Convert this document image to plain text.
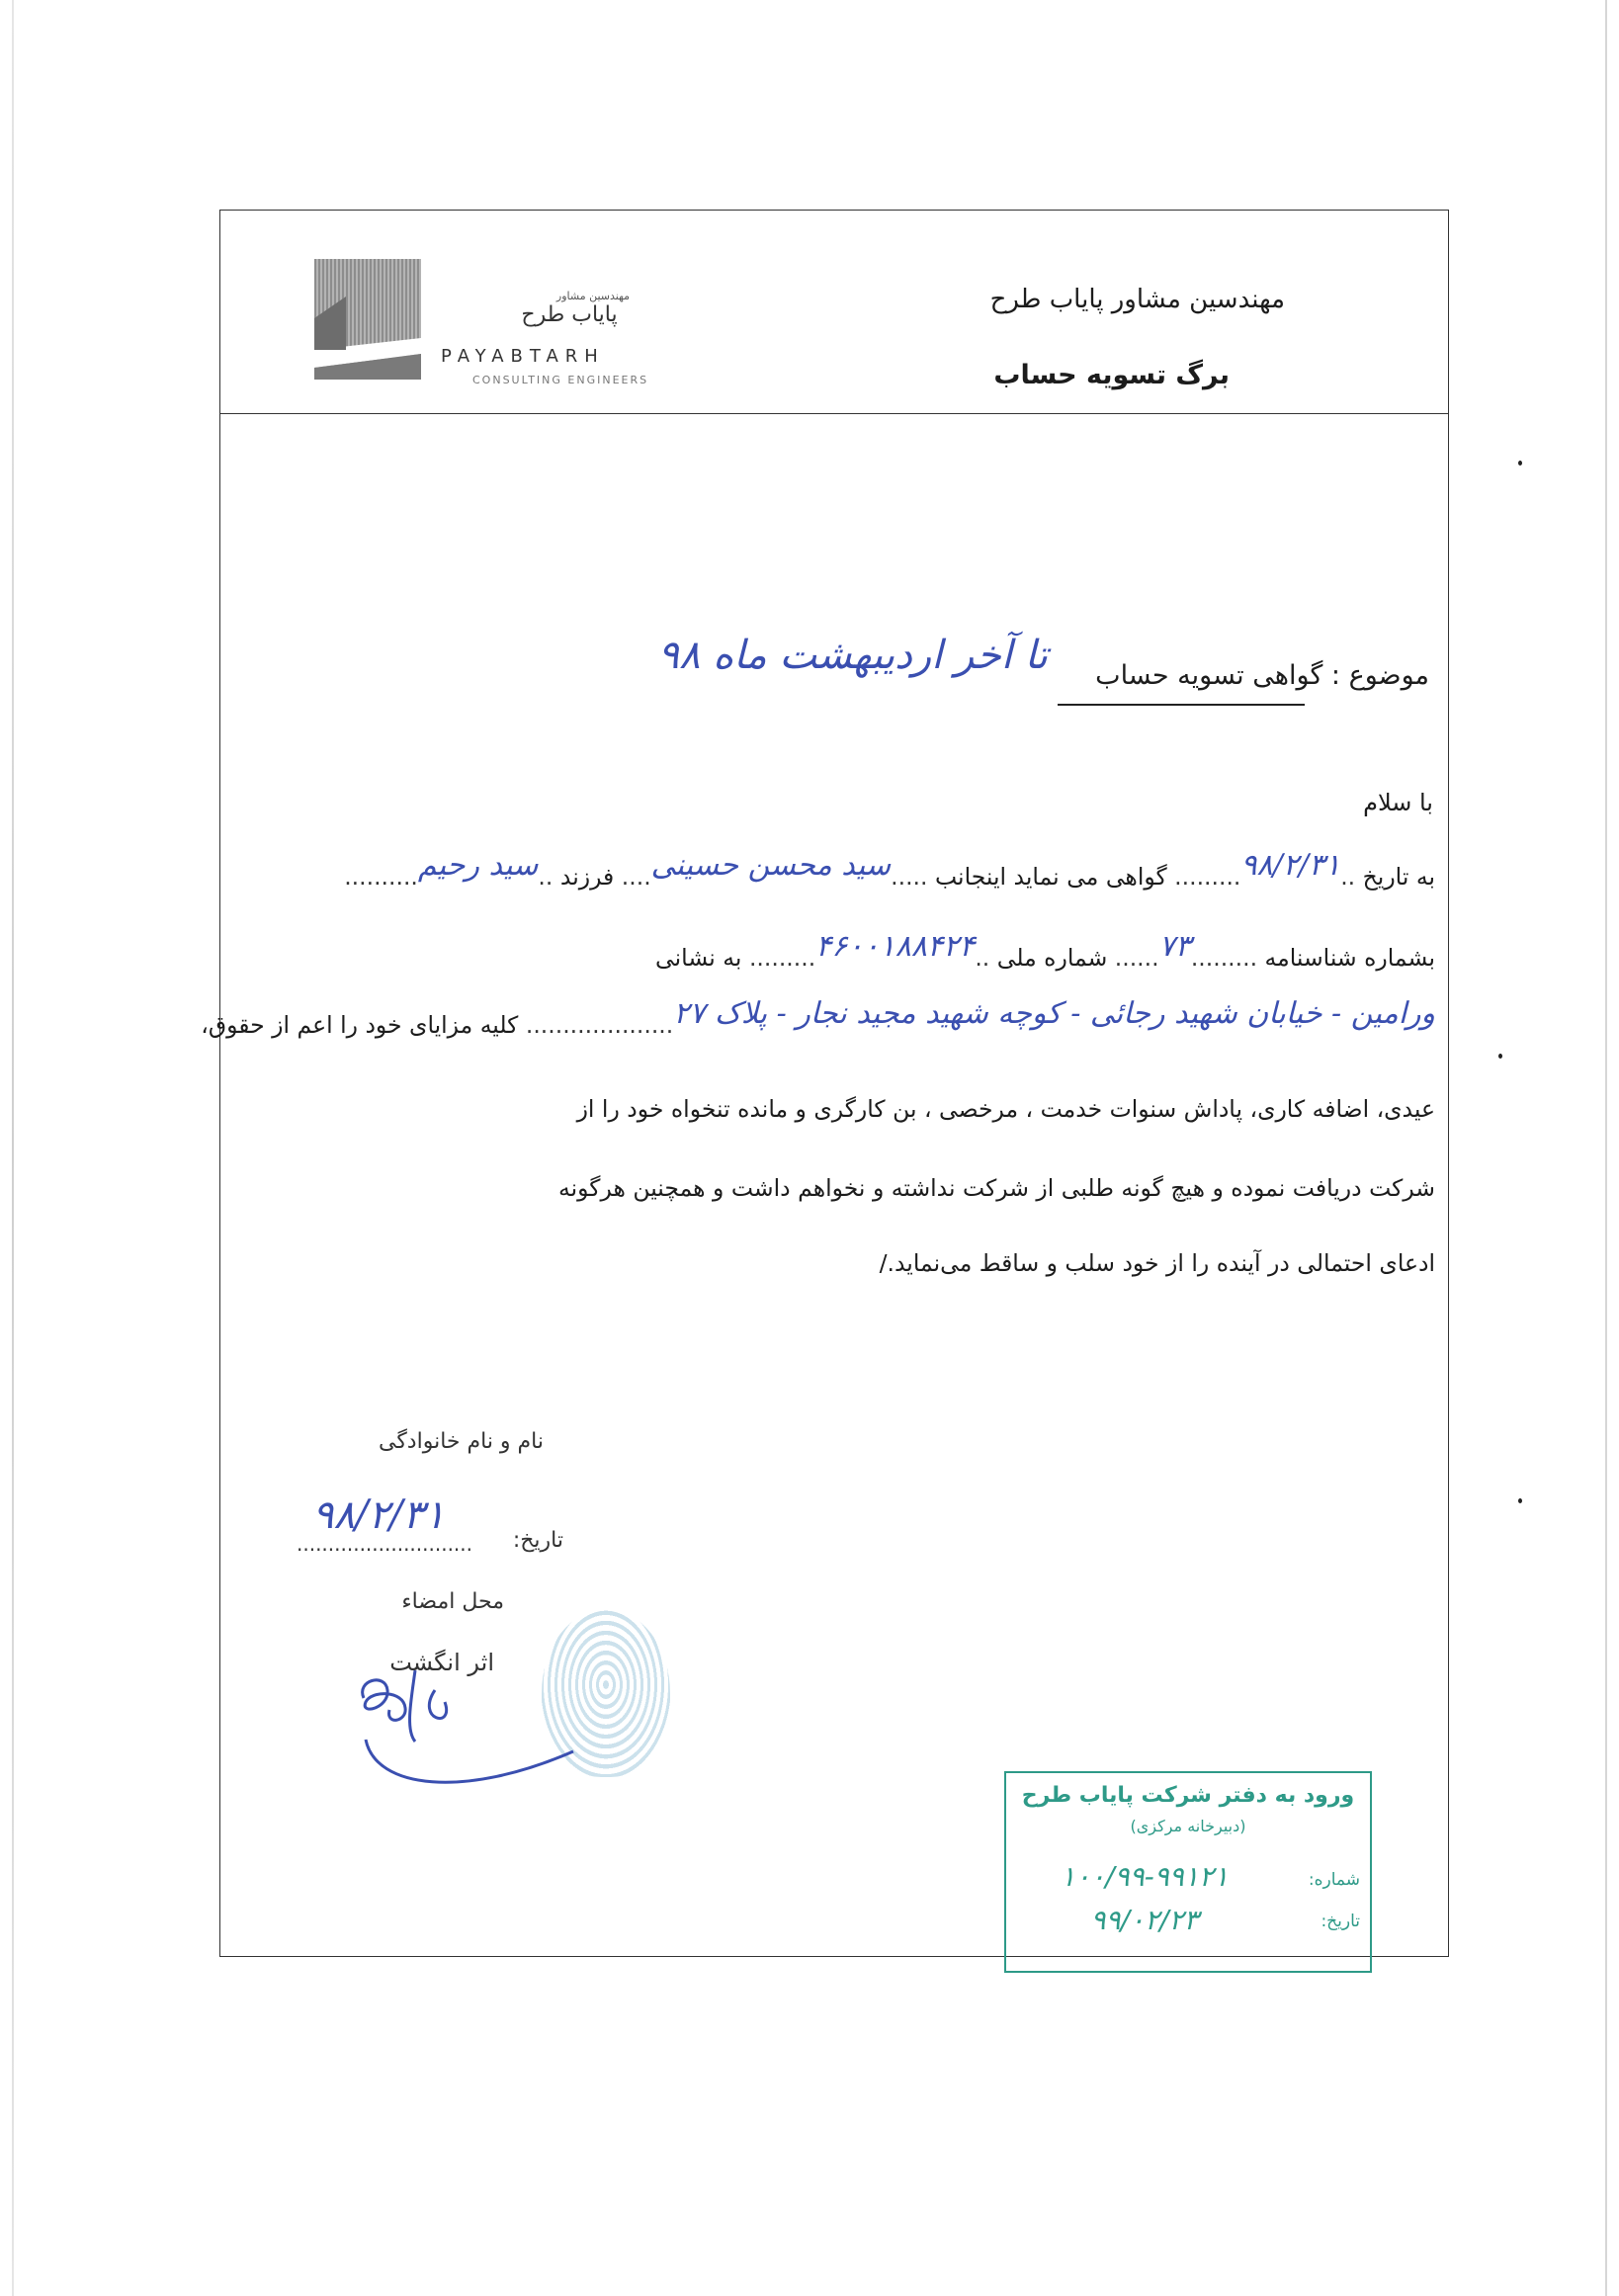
مهندسین مشاور
پایاب طرح
PAYABTARH
CONSULTING ENGINEERS
مهندسین مشاور پایاب طرح
برگ تسویه حساب
موضوع : گواهی تسویه حساب
تا آخر اردیبهشت ماه ۹۸
با سلام
به تاریخ ..۹۸/۲/۳۱......... گواهی می نماید اینجانب .....سید محسن حسینی.... فرزند ..سید رحیم..........
بشماره شناسنامه .........۷۳...... شماره ملی ..۴۶۰۰۱۸۸۴۲۴......... به نشانی
ورامین - خیابان شهید رجائی - کوچه شهید مجید نجار - پلاک ۲۷.................... کلیه مزایای خود را اعم از حقوق،
عیدی، اضافه کاری، پاداش سنوات خدمت ، مرخصی ، بن کارگری و مانده تنخواه خود را از
شرکت دریافت نموده و هیچ گونه طلبی از شرکت نداشته و نخواهم داشت و همچنین هرگونه
ادعای احتمالی در آینده را از خود سلب و ساقط می‌نماید./
نام و نام خانوادگی
............................
۹۸/۲/۳۱
تاریخ:
محل امضاء
اثر انگشت
ورود به دفتر شرکت پایاب طرح
(دبیرخانه مرکزی)
شماره:
۱۰۰/۹۹-۹۹۱۲۱
تاریخ:
۹۹/۰۲/۲۳
